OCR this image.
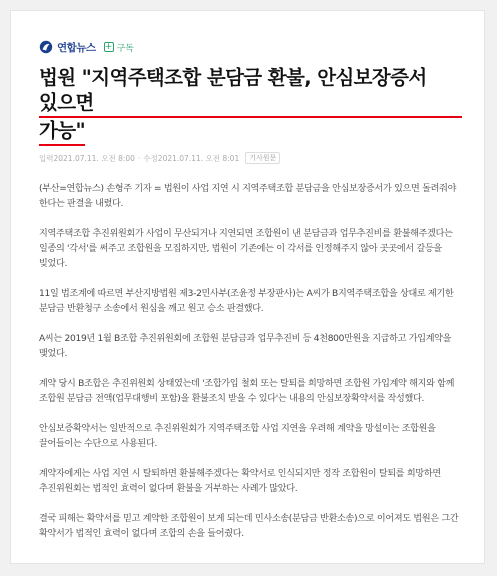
연합뉴스 + 구독
법원 "지역주택조합 분담금 환불, 안심보장증서 있으면
가능"
입력2021.07.11. 오전 8:00 · 수정2021.07.11. 오전 8:01	기사원문

(부산=연합뉴스) 손형주 기자 = 법원이 사업 지연 시 지역주택조합 분담금을 안심보장증서가 있으면 돌려줘야 한다는 판결을 내렸다.

지역주택조합 추진위원회가 사업이 무산되거나 지연되면 조합원이 낸 분담금과 업무추진비를 환불해주겠다는 일종의 '각서'를 써주고 조합원을 모집하지만, 법원이 기존에는 이 각서를 인정해주지 않아 곳곳에서 갈등을 빚었다.

11일 법조계에 따르면 부산지방법원 제3-2민사부(조윤정 부장판사)는 A씨가 B지역주택조합을 상대로 제기한 분담금 반환청구 소송에서 원심을 깨고 원고 승소 판결했다.

A씨는 2019년 1월 B조합 추진위원회에 조합원 분담금과 업무추진비 등 4천800만원을 지급하고 가입계약을 맺었다.

계약 당시 B조합은 추진위원회 상태였는데 '조합가입 철회 또는 탈퇴를 희망하면 조합원 가입계약 해지와 함께 조합원 분담금 전액(업무대행비 포함)을 환불조치 받을 수 있다'는 내용의 안심보장확약서를 작성했다.

안심보증확약서는 일반적으로 추진위원회가 지역주택조합 사업 지연을 우려해 계약을 망설이는 조합원을 끌어들이는 수단으로 사용된다.

계약자에게는 사업 지연 시 탈퇴하면 환불해주겠다는 확약서로 인식되지만 정작 조합원이 탈퇴를 희망하면 추진위원회는 법적인 효력이 없다며 환불을 거부하는 사례가 많았다.

결국 피해는 확약서를 믿고 계약한 조합원이 보게 되는데 민사소송(분담금 반환소송)으로 이어져도 법원은 그간 확약서가 법적인 효력이 없다며 조합의 손을 들어줬다.
